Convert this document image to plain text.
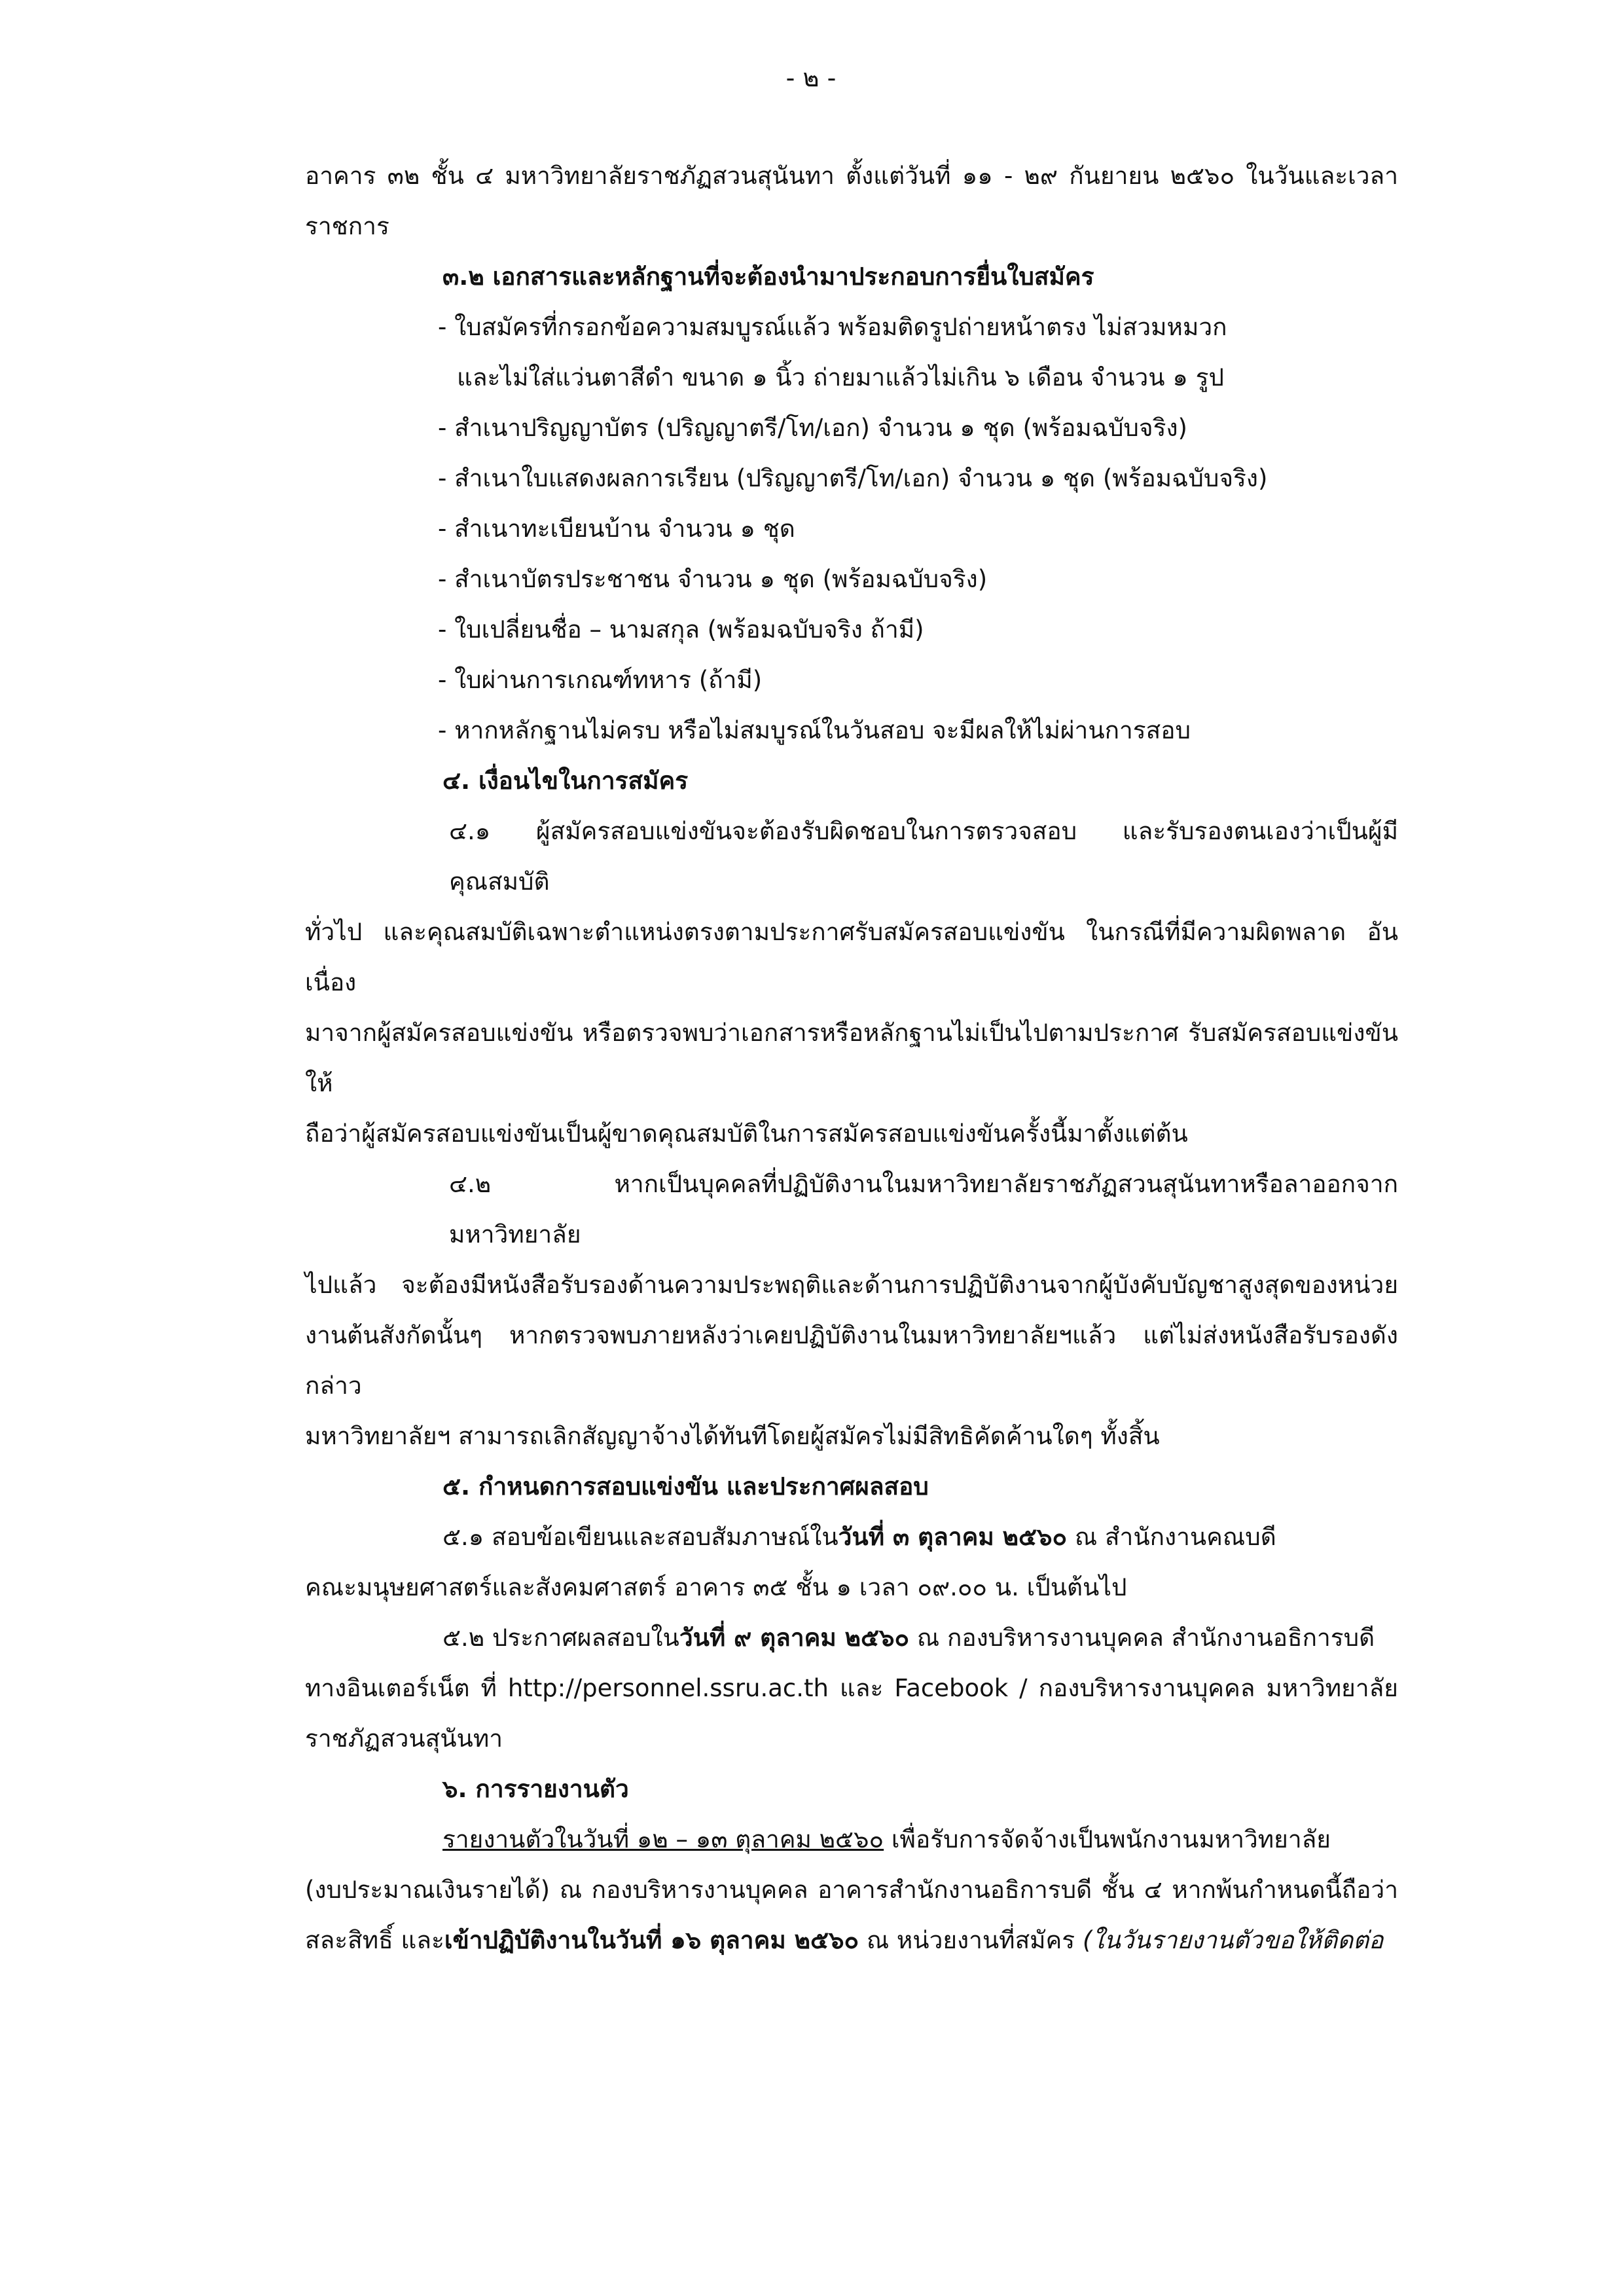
- ๒ -
อาคาร ๓๒ ชั้น ๔ มหาวิทยาลัยราชภัฏสวนสุนันทา ตั้งแต่วันที่ ๑๑ - ๒๙ กันยายน ๒๕๖๐ ในวันและเวลา
ราชการ
๓.๒ เอกสารและหลักฐานที่จะต้องนำมาประกอบการยื่นใบสมัคร
- ใบสมัครที่กรอกข้อความสมบูรณ์แล้ว พร้อมติดรูปถ่ายหน้าตรง ไม่สวมหมวก
และไม่ใส่แว่นตาสีดำ ขนาด ๑ นิ้ว ถ่ายมาแล้วไม่เกิน ๖ เดือน จำนวน ๑ รูป
- สำเนาปริญญาบัตร (ปริญญาตรี/โท/เอก) จำนวน ๑ ชุด (พร้อมฉบับจริง)
- สำเนาใบแสดงผลการเรียน (ปริญญาตรี/โท/เอก) จำนวน ๑ ชุด (พร้อมฉบับจริง)
- สำเนาทะเบียนบ้าน จำนวน ๑ ชุด
- สำเนาบัตรประชาชน จำนวน ๑ ชุด (พร้อมฉบับจริง)
- ใบเปลี่ยนชื่อ – นามสกุล (พร้อมฉบับจริง ถ้ามี)
- ใบผ่านการเกณฑ์ทหาร (ถ้ามี)
- หากหลักฐานไม่ครบ หรือไม่สมบูรณ์ในวันสอบ จะมีผลให้ไม่ผ่านการสอบ
๔. เงื่อนไขในการสมัคร
๔.๑ ผู้สมัครสอบแข่งขันจะต้องรับผิดชอบในการตรวจสอบ และรับรองตนเองว่าเป็นผู้มีคุณสมบัติ
ทั่วไป และคุณสมบัติเฉพาะตำแหน่งตรงตามประกาศรับสมัครสอบแข่งขัน ในกรณีที่มีความผิดพลาด อันเนื่อง
มาจากผู้สมัครสอบแข่งขัน หรือตรวจพบว่าเอกสารหรือหลักฐานไม่เป็นไปตามประกาศ รับสมัครสอบแข่งขันให้
ถือว่าผู้สมัครสอบแข่งขันเป็นผู้ขาดคุณสมบัติในการสมัครสอบแข่งขันครั้งนี้มาตั้งแต่ต้น
๔.๒ หากเป็นบุคคลที่ปฏิบัติงานในมหาวิทยาลัยราชภัฏสวนสุนันทาหรือลาออกจากมหาวิทยาลัย
ไปแล้ว จะต้องมีหนังสือรับรองด้านความประพฤติและด้านการปฏิบัติงานจากผู้บังคับบัญชาสูงสุดของหน่วย
งานต้นสังกัดนั้นๆ หากตรวจพบภายหลังว่าเคยปฏิบัติงานในมหาวิทยาลัยฯแล้ว แต่ไม่ส่งหนังสือรับรองดังกล่าว
มหาวิทยาลัยฯ สามารถเลิกสัญญาจ้างได้ทันทีโดยผู้สมัครไม่มีสิทธิคัดค้านใดๆ ทั้งสิ้น
๕. กำหนดการสอบแข่งขัน และประกาศผลสอบ
๕.๑ สอบข้อเขียนและสอบสัมภาษณ์ในวันที่ ๓ ตุลาคม ๒๕๖๐ ณ สำนักงานคณบดี
คณะมนุษยศาสตร์และสังคมศาสตร์ อาคาร ๓๕ ชั้น ๑ เวลา ๐๙.๐๐ น. เป็นต้นไป
๕.๒ ประกาศผลสอบในวันที่ ๙ ตุลาคม ๒๕๖๐ ณ กองบริหารงานบุคคล สำนักงานอธิการบดี
ทางอินเตอร์เน็ต ที่ http://personnel.ssru.ac.th และ Facebook / กองบริหารงานบุคคล มหาวิทยาลัย
ราชภัฏสวนสุนันทา
๖. การรายงานตัว
รายงานตัวในวันที่ ๑๒ – ๑๓ ตุลาคม ๒๕๖๐ เพื่อรับการจัดจ้างเป็นพนักงานมหาวิทยาลัย
(งบประมาณเงินรายได้) ณ กองบริหารงานบุคคล อาคารสำนักงานอธิการบดี ชั้น ๔ หากพ้นกำหนดนี้ถือว่า
สละสิทธิ์ และเข้าปฏิบัติงานในวันที่ ๑๖ ตุลาคม ๒๕๖๐ ณ หน่วยงานที่สมัคร (ในวันรายงานตัวขอให้ติดต่อ
